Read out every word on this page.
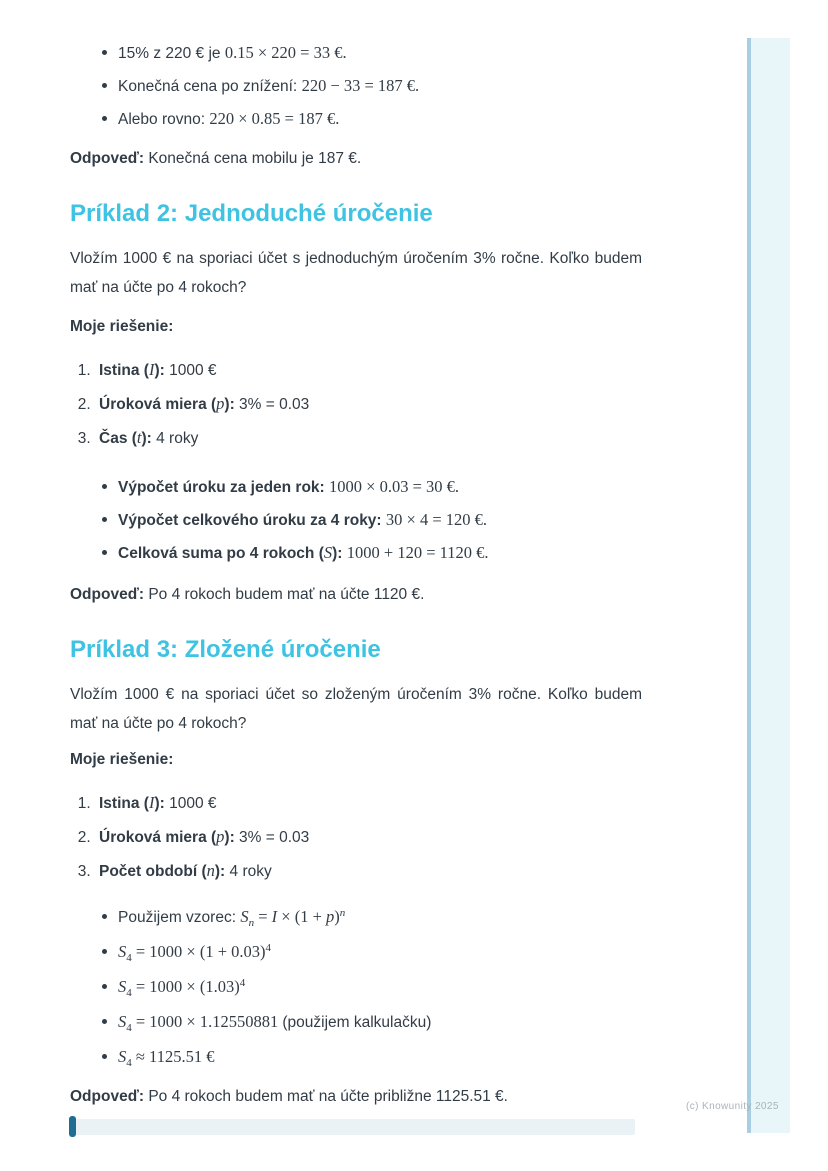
(c) Knowunity 2025
15% z 220 € je 0.15 × 220 = 33 €.
Konečná cena po znížení: 220 − 33 = 187 €.
Alebo rovno: 220 × 0.85 = 187 €.

Odpoveď: Konečná cena mobilu je 187 €.

Príklad 2: Jednoduché úročenie

Vložím 1000 € na sporiaci účet s jednoduchým úročením 3% ročne. Koľko budem mať na účte po 4 rokoch?

Moje riešenie:

1. Istina (I): 1000 €
2. Úroková miera (p): 3% = 0.03
3. Čas (t): 4 roky
Výpočet úroku za jeden rok: 1000 × 0.03 = 30 €.
Výpočet celkového úroku za 4 roky: 30 × 4 = 120 €.
Celková suma po 4 rokoch (S): 1000 + 120 = 1120 €.

Odpoveď: Po 4 rokoch budem mať na účte 1120 €.

Príklad 3: Zložené úročenie

Vložím 1000 € na sporiaci účet so zloženým úročením 3% ročne. Koľko budem mať na účte po 4 rokoch?

Moje riešenie:

1. Istina (I): 1000 €
2. Úroková miera (p): 3% = 0.03
3. Počet období (n): 4 roky
Použijem vzorec: $S_n = I \times (1 + p)^n$
$S_4 = 1000 \times (1 + 0.03)^4$
$S_4 = 1000 \times (1.03)^4$
$S_4 = 1000 \times 1.12550881$ (použijem kalkulačku)
$S_4 \approx 1125.51$ €

Odpoveď: Po 4 rokoch budem mať na účte približne 1125.51 €.
